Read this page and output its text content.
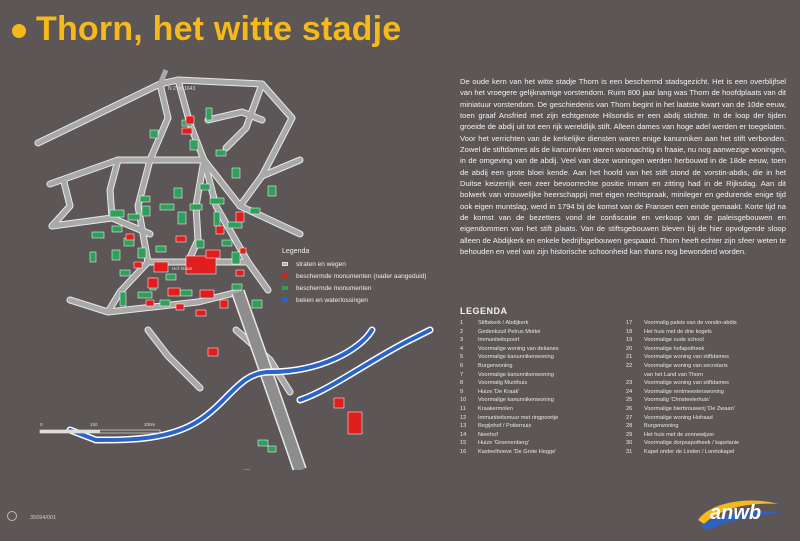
Thorn, het witte stadje
N 2 tot 1643
Hof Straat
Legenda
straten en wegen
beschermde monumenten (nader aangeduid)
beschermde monumenten
beken en waterlossingen
0	150	200m
De oude kern van het witte stadje Thorn is een beschermd stadsgezicht. Het is een overblijfsel van het vroegere gelijknamige vorstendom. Ruim 800 jaar lang was Thorn de hoofdplaats van dit miniatuur vorstendom. De geschiedenis van Thorn begint in het laatste kwart van de 10de eeuw, toen graaf Ansfried met zijn echtgenote Hilsondis er een abdij stichtte. In de loop der tijden groeide de abdij uit tot een rijk wereldlijk stift. Alleen dames van hoge adel werden er toegelaten. Voor het verrichten van de kerkelijke diensten waren enige kanunniken aan het stift verbonden. Zowel de stiftdames als de kanunniken waren woonachtig in fraaie, nu nog aanwezige woningen, in de omgeving van de abdij. Veel van deze woningen werden herbouwd in de 18de eeuw, toen de abdij een grote bloei kende. Aan het hoofd van het stift stond de vorstin-abdis, die in het Duitse keizerrijk een zeer bevoorrechte positie innam en zitting had in de Rijksdag. Aan dit bolwerk van vrouwelijke heerschappij met eigen rechtspraak, minileger en gedurende enige tijd ook eigen muntslag, werd in 1794 bij de komst van de Fransen een einde gemaakt. Korte tijd na de komst van de bezetters vond de confiscatie en verkoop van de paleisgebouwen en eigendommen van het stift plaats. Van de stiftsgebouwen bleven bij de hier opvolgende sloop alleen de Abdijkerk en enkele bedrijfsgebouwen gespaard. Thorn heeft echter zijn sfeer weten te behouden en veel van zijn historische schoonheid kan thans nog bewonderd worden.
LEGENDA
1	Stiftskerk / Abdijkerk
2	Gedenkzuil Petrus Motké
3	Immuniteitspoort
4	Voormalige woning van dekanes
5	Voormalige kanunnikenwoning
6	Burgerwoning
7	Voormalige kanunnikenwoning
8	Voormalig Munthuis
9	Huize 'De Kraak'
10	Voormalige kanunnikenwoning
11	Kraakermolen
12	Immuniteitsmuur met ringpoortje
13	Begijnhof / Potternuis
14	Neerhof
15	Huize 'Groenenberg'
16	Kasteelhoeve 'De Grote Hegge'
17	Voormalig paleis van de vorstin-abdis
18	Het huis met de drie kogels
19	Voormalige oude school
20	Voormalige hofapotheek
21	Voormalige woning van stiftdames
22	Voormalige woning van secretaris
van het Land van Thorn
23	Voormalige woning van stiftdames
24	Voormalige rentmeesterswoning
25	Voormalig 'Christeelerhuis'
26	Voormalige bierbrouwerij 'De Zwaan'
27	Voormalige woning Hofraad
28	Burgerwoning
29	Het huis met de zonnewijzer
30	Voormalige dorpsapotheek / kapelanie
31	Kapel onder de Linden / Loretokapel
35694/001	anwb
